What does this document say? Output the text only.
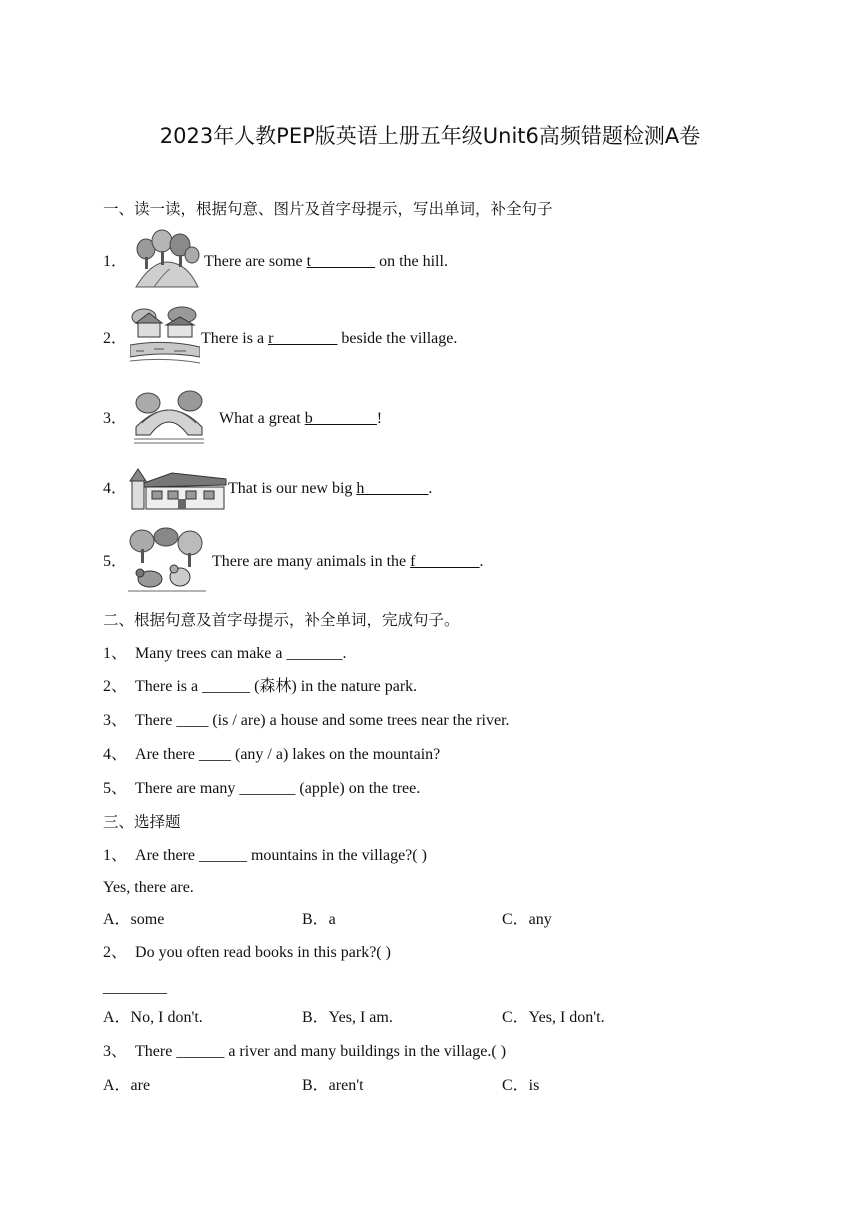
2023年人教PEP版英语上册五年级Unit6高频错题检测A卷
一、读一读，根据句意、图片及首字母提示，写出单词，补全句子
1．	There are some t________ on the hill.
2．	There is a r________ beside the village.
3．	What a great b________!
4．	That is our new big h________.
5．	There are many animals in the f________.
二、根据句意及首字母提示，补全单词，完成句子。
1、 Many trees can make a _______.
2、 There is a ______ (森林) in the nature park.
3、 There ____ (is / are) a house and some trees near the river.
4、 Are there ____ (any / a) lakes on the mountain?
5、 There are many _______ (apple) on the tree.
三、选择题
1、 Are there ______ mountains in the village?( )
Yes, there are.
A．some	B．a	C．any
2、 Do you often read books in this park?( )
________
A．No, I don't.	B．Yes, I am.	C．Yes, I don't.
3、 There ______ a river and many buildings in the village.( )
A．are	B．aren't	C．is
